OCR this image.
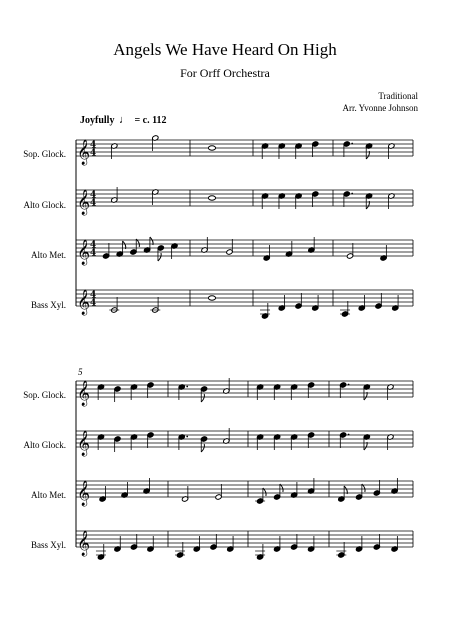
Angels We Have Heard On High
For Orff Orchestra
Traditional
Arr. Yvonne Johnson
Joyfully ♩ = c. 112
Sop. Glock.
Alto Glock.
Alto Met.
Bass Xyl.
Sop. Glock.
Alto Glock.
Alto Met.
Bass Xyl.
5
𝄞 4
4
𝄞 4
4
𝄞 4
4
𝄞 4
4
𝄞
𝄞
𝄞
𝄞
